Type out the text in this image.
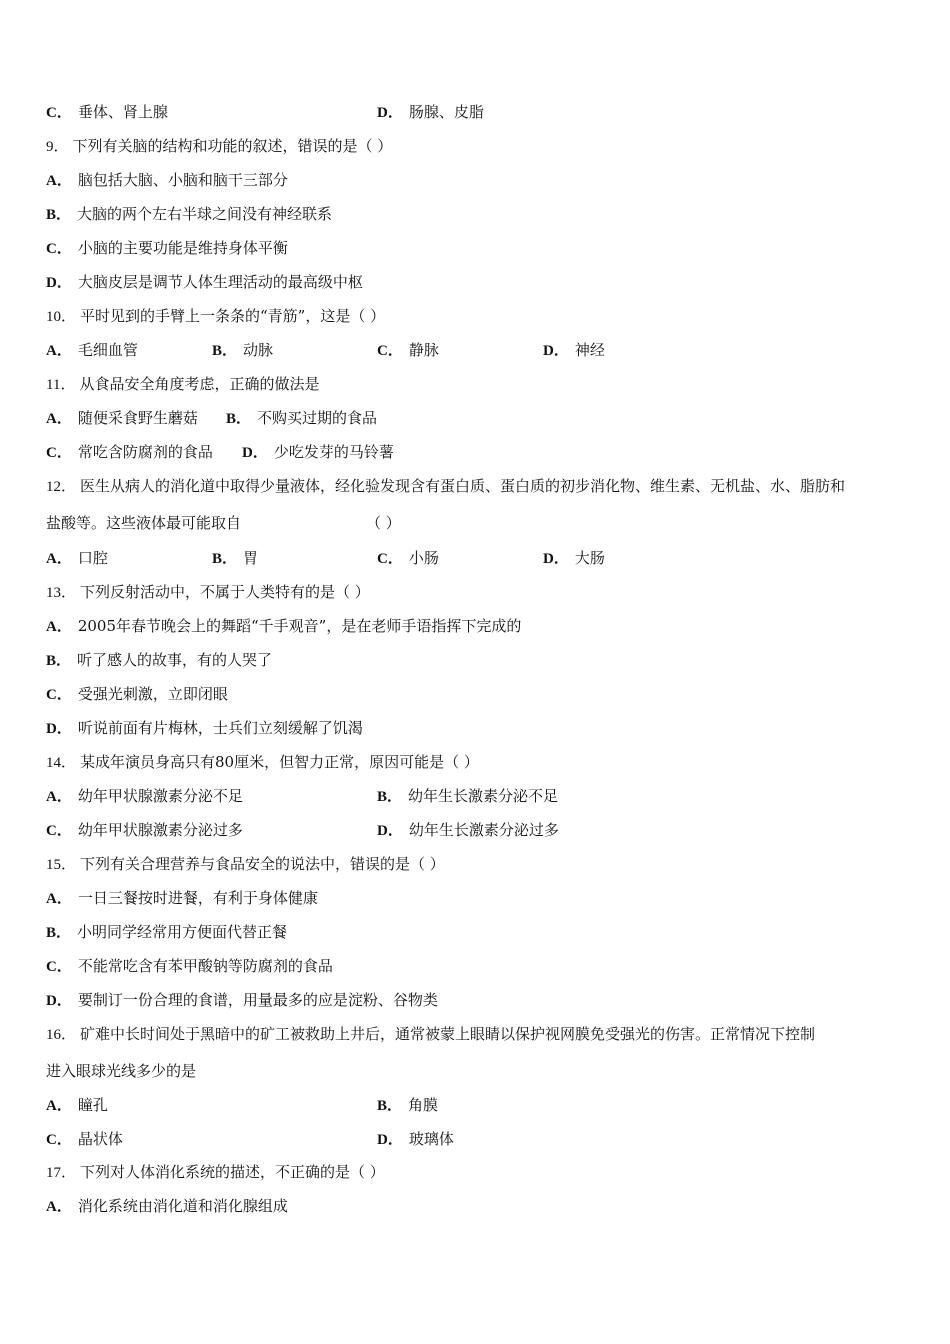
C． 垂体、肾上腺	D． 肠腺、皮脂
9． 下列有关脑的结构和功能的叙述，错误的是（ ）
A． 脑包括大脑、小脑和脑干三部分
B． 大脑的两个左右半球之间没有神经联系
C． 小脑的主要功能是维持身体平衡
D． 大脑皮层是调节人体生理活动的最高级中枢
10． 平时见到的手臂上一条条的“青筋”，这是（ ）
A． 毛细血管	B． 动脉	C． 静脉	D． 神经
11． 从食品安全角度考虑，正确的做法是
A． 随便采食野生蘑菇 B． 不购买过期的食品
C． 常吃含防腐剂的食品 D． 少吃发芽的马铃薯
12． 医生从病人的消化道中取得少量液体，经化验发现含有蛋白质、蛋白质的初步消化物、维生素、无机盐、水、脂肪和
盐酸等。这些液体最可能取自	（ ）
A． 口腔	B． 胃	C． 小肠	D． 大肠
13． 下列反射活动中，不属于人类特有的是（ ）
A． 2005年春节晚会上的舞蹈“千手观音”，是在老师手语指挥下完成的
B． 听了感人的故事，有的人哭了
C． 受强光刺激，立即闭眼
D． 听说前面有片梅林，士兵们立刻缓解了饥渴
14． 某成年演员身高只有80厘米，但智力正常，原因可能是（ ）
A． 幼年甲状腺激素分泌不足	B． 幼年生长激素分泌不足
C． 幼年甲状腺激素分泌过多	D． 幼年生长激素分泌过多
15． 下列有关合理营养与食品安全的说法中，错误的是（ ）
A． 一日三餐按时进餐，有利于身体健康
B． 小明同学经常用方便面代替正餐
C． 不能常吃含有苯甲酸钠等防腐剂的食品
D． 要制订一份合理的食谱，用量最多的应是淀粉、谷物类
16． 矿难中长时间处于黑暗中的矿工被救助上井后，通常被蒙上眼睛以保护视网膜免受强光的伤害。正常情况下控制
进入眼球光线多少的是
A． 瞳孔	B． 角膜
C． 晶状体	D． 玻璃体
17． 下列对人体消化系统的描述，不正确的是（ ）
A． 消化系统由消化道和消化腺组成
